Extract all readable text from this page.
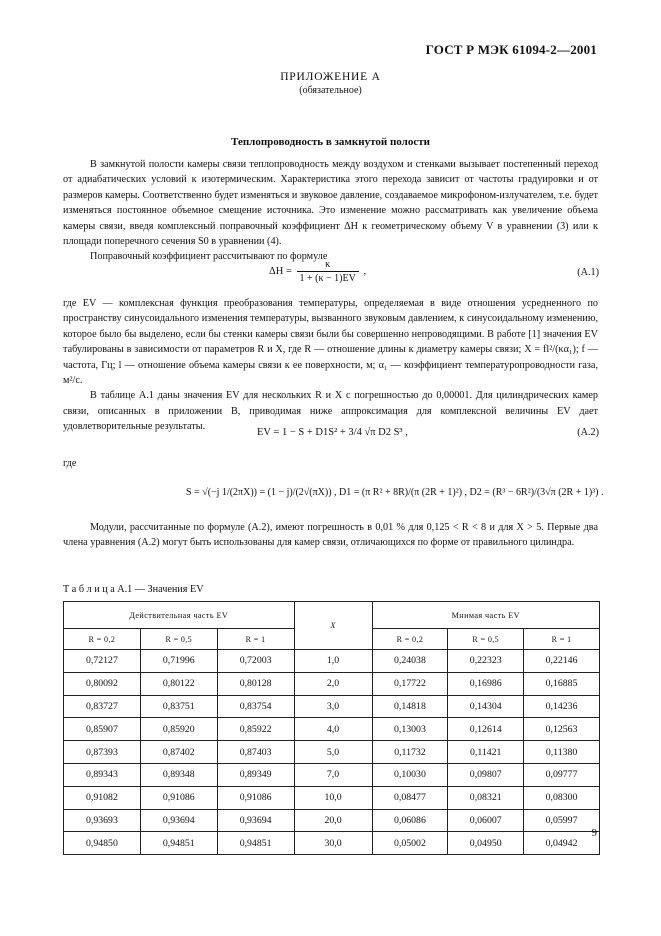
ГОСТ Р МЭК 61094-2—2001
ПРИЛОЖЕНИЕ А
(обязательное)
Теплопроводность в замкнутой полости

В замкнутой полости камеры связи теплопроводность между воздухом и стенками вызывает постепенный переход от адиабатических условий к изотермическим. Характеристика этого перехода зависит от частоты градуировки и от размеров камеры. Соответственно будет изменяться и звуковое давление, создаваемое микрофоном-излучателем, т.е. будет изменяться постоянное объемное смещение источника. Это изменение можно рассматривать как увеличение объема камеры связи, введя комплексный поправочный коэффициент ΔH к геометрическому объему V в уравнении (3) или к площади поперечного сечения S0 в уравнении (4).

Поправочный коэффициент рассчитывают по формуле

$\Delta H = \frac{\kappa}{1 + (\kappa - 1)EV}$ ,	(А.1)

где EV — комплексная функция преобразования температуры, определяемая в виде отношения усредненного по пространству синусоидального изменения температуры, вызванного звуковым давлением, к синусоидальному изменению, которое было бы выделено, если бы стенки камеры связи были бы совершенно непроводящими. В работе [1] значения EV табулированы в зависимости от параметров R и X, где R — отношение длины к диаметру камеры связи; X = fl²/(κα₁); f — частота, Гц; l — отношение объема камеры связи к ее поверхности, м; α₁ — коэффициент температуропроводности газа, м²/с.

В таблице А.1 даны значения EV для нескольких R и X с погрешностью до 0,00001. Для цилиндрических камер связи, описанных в приложении В, приводимая ниже аппроксимация для комплексной величины EV дает удовлетворительные результаты.

EV = 1 − S + D1S² + 3/4 √π D2 S³ ,	(А.2)
где
S = √(−j 1/(2πX)) = (1 − j)/(2√(πX)) , D1 = (π R² + 8R)/(π (2R + 1)²) , D2 = (R³ − 6R²)/(3√π (2R + 1)³) .

Модули, рассчитанные по формуле (А.2), имеют погрешность в 0,01 % для 0,125 < R < 8 и для X > 5. Первые два члена уравнения (А.2) могут быть использованы для камер связи, отличающихся по форме от правильного цилиндра.

Т а б л и ц а А.1 — Значения EV
Действительная часть EV			X	Мнимая часть EV		
R = 0,2	R = 0,5	R = 1		R = 0,2	R = 0,5	R = 1
0,72127	0,71996	0,72003	1,0	0,24038	0,22323	0,22146
0,80092	0,80122	0,80128	2,0	0,17722	0,16986	0,16885
0,83727	0,83751	0,83754	3,0	0,14818	0,14304	0,14236
0,85907	0,85920	0,85922	4,0	0,13003	0,12614	0,12563
0,87393	0,87402	0,87403	5,0	0,11732	0,11421	0,11380
0,89343	0,89348	0,89349	7,0	0,10030	0,09807	0,09777
0,91082	0,91086	0,91086	10,0	0,08477	0,08321	0,08300
0,93693	0,93694	0,93694	20,0	0,06086	0,06007	0,05997
0,94850	0,94851	0,94851	30,0	0,05002	0,04950	0,04942
9
